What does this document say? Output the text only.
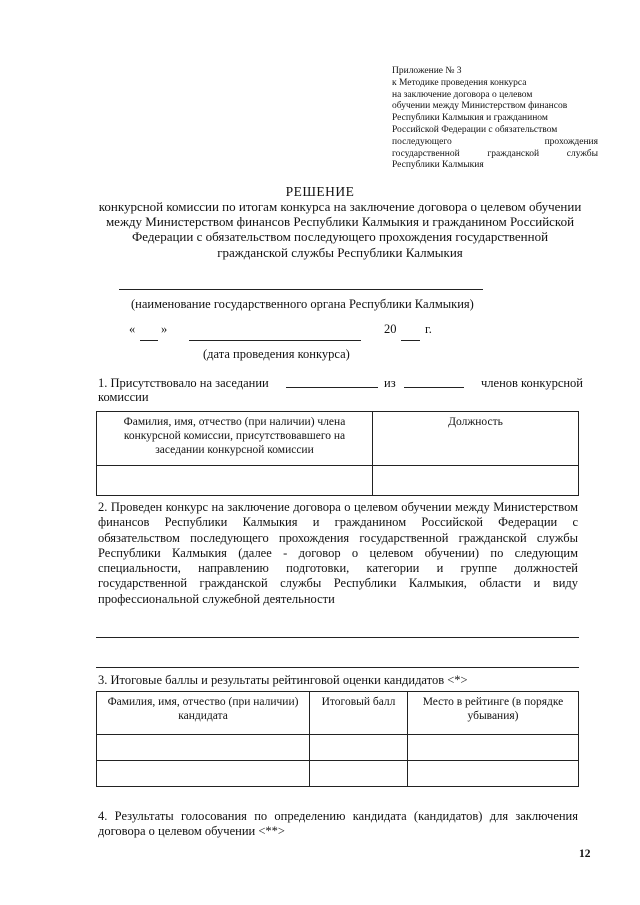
Приложение № 3
к Методике проведения конкурса
на заключение договора о целевом
обучении между Министерством финансов
Республики Калмыкия и гражданином
Российской Федерации с обязательством
последующего	прохождения
государственной	гражданской	службы
Республики Калмыкия
РЕШЕНИЕ
конкурсной комиссии по итогам конкурса на заключение договора о целевом обучении между Министерством финансов Республики Калмыкия и гражданином Российской Федерации с обязательством последующего прохождения государственной гражданской службы Республики Калмыкия
(наименование государственного органа Республики Калмыкия)
« »	20 г.
(дата проведения конкурса)
1. Присутствовало на заседании	из	членов конкурсной
комиссии
Фамилия, имя, отчество (при наличии) члена конкурсной комиссии, присутствовавшего на заседании конкурсной комиссии	Должность

2. Проведен конкурс на заключение договора о целевом обучении между Министерством финансов Республики Калмыкия и гражданином Российской Федерации с обязательством последующего прохождения государственной гражданской службы Республики Калмыкия (далее - договор о целевом обучении) по следующим специальности, направлению подготовки, категории и группе должностей государственной гражданской службы Республики Калмыкия, области и виду профессиональной служебной деятельности
3. Итоговые баллы и результаты рейтинговой оценки кандидатов <*>
Фамилия, имя, отчество (при наличии) кандидата	Итоговый балл	Место в рейтинге (в порядке убывания)

4. Результаты голосования по определению кандидата (кандидатов) для заключения договора о целевом обучении <**>
12
